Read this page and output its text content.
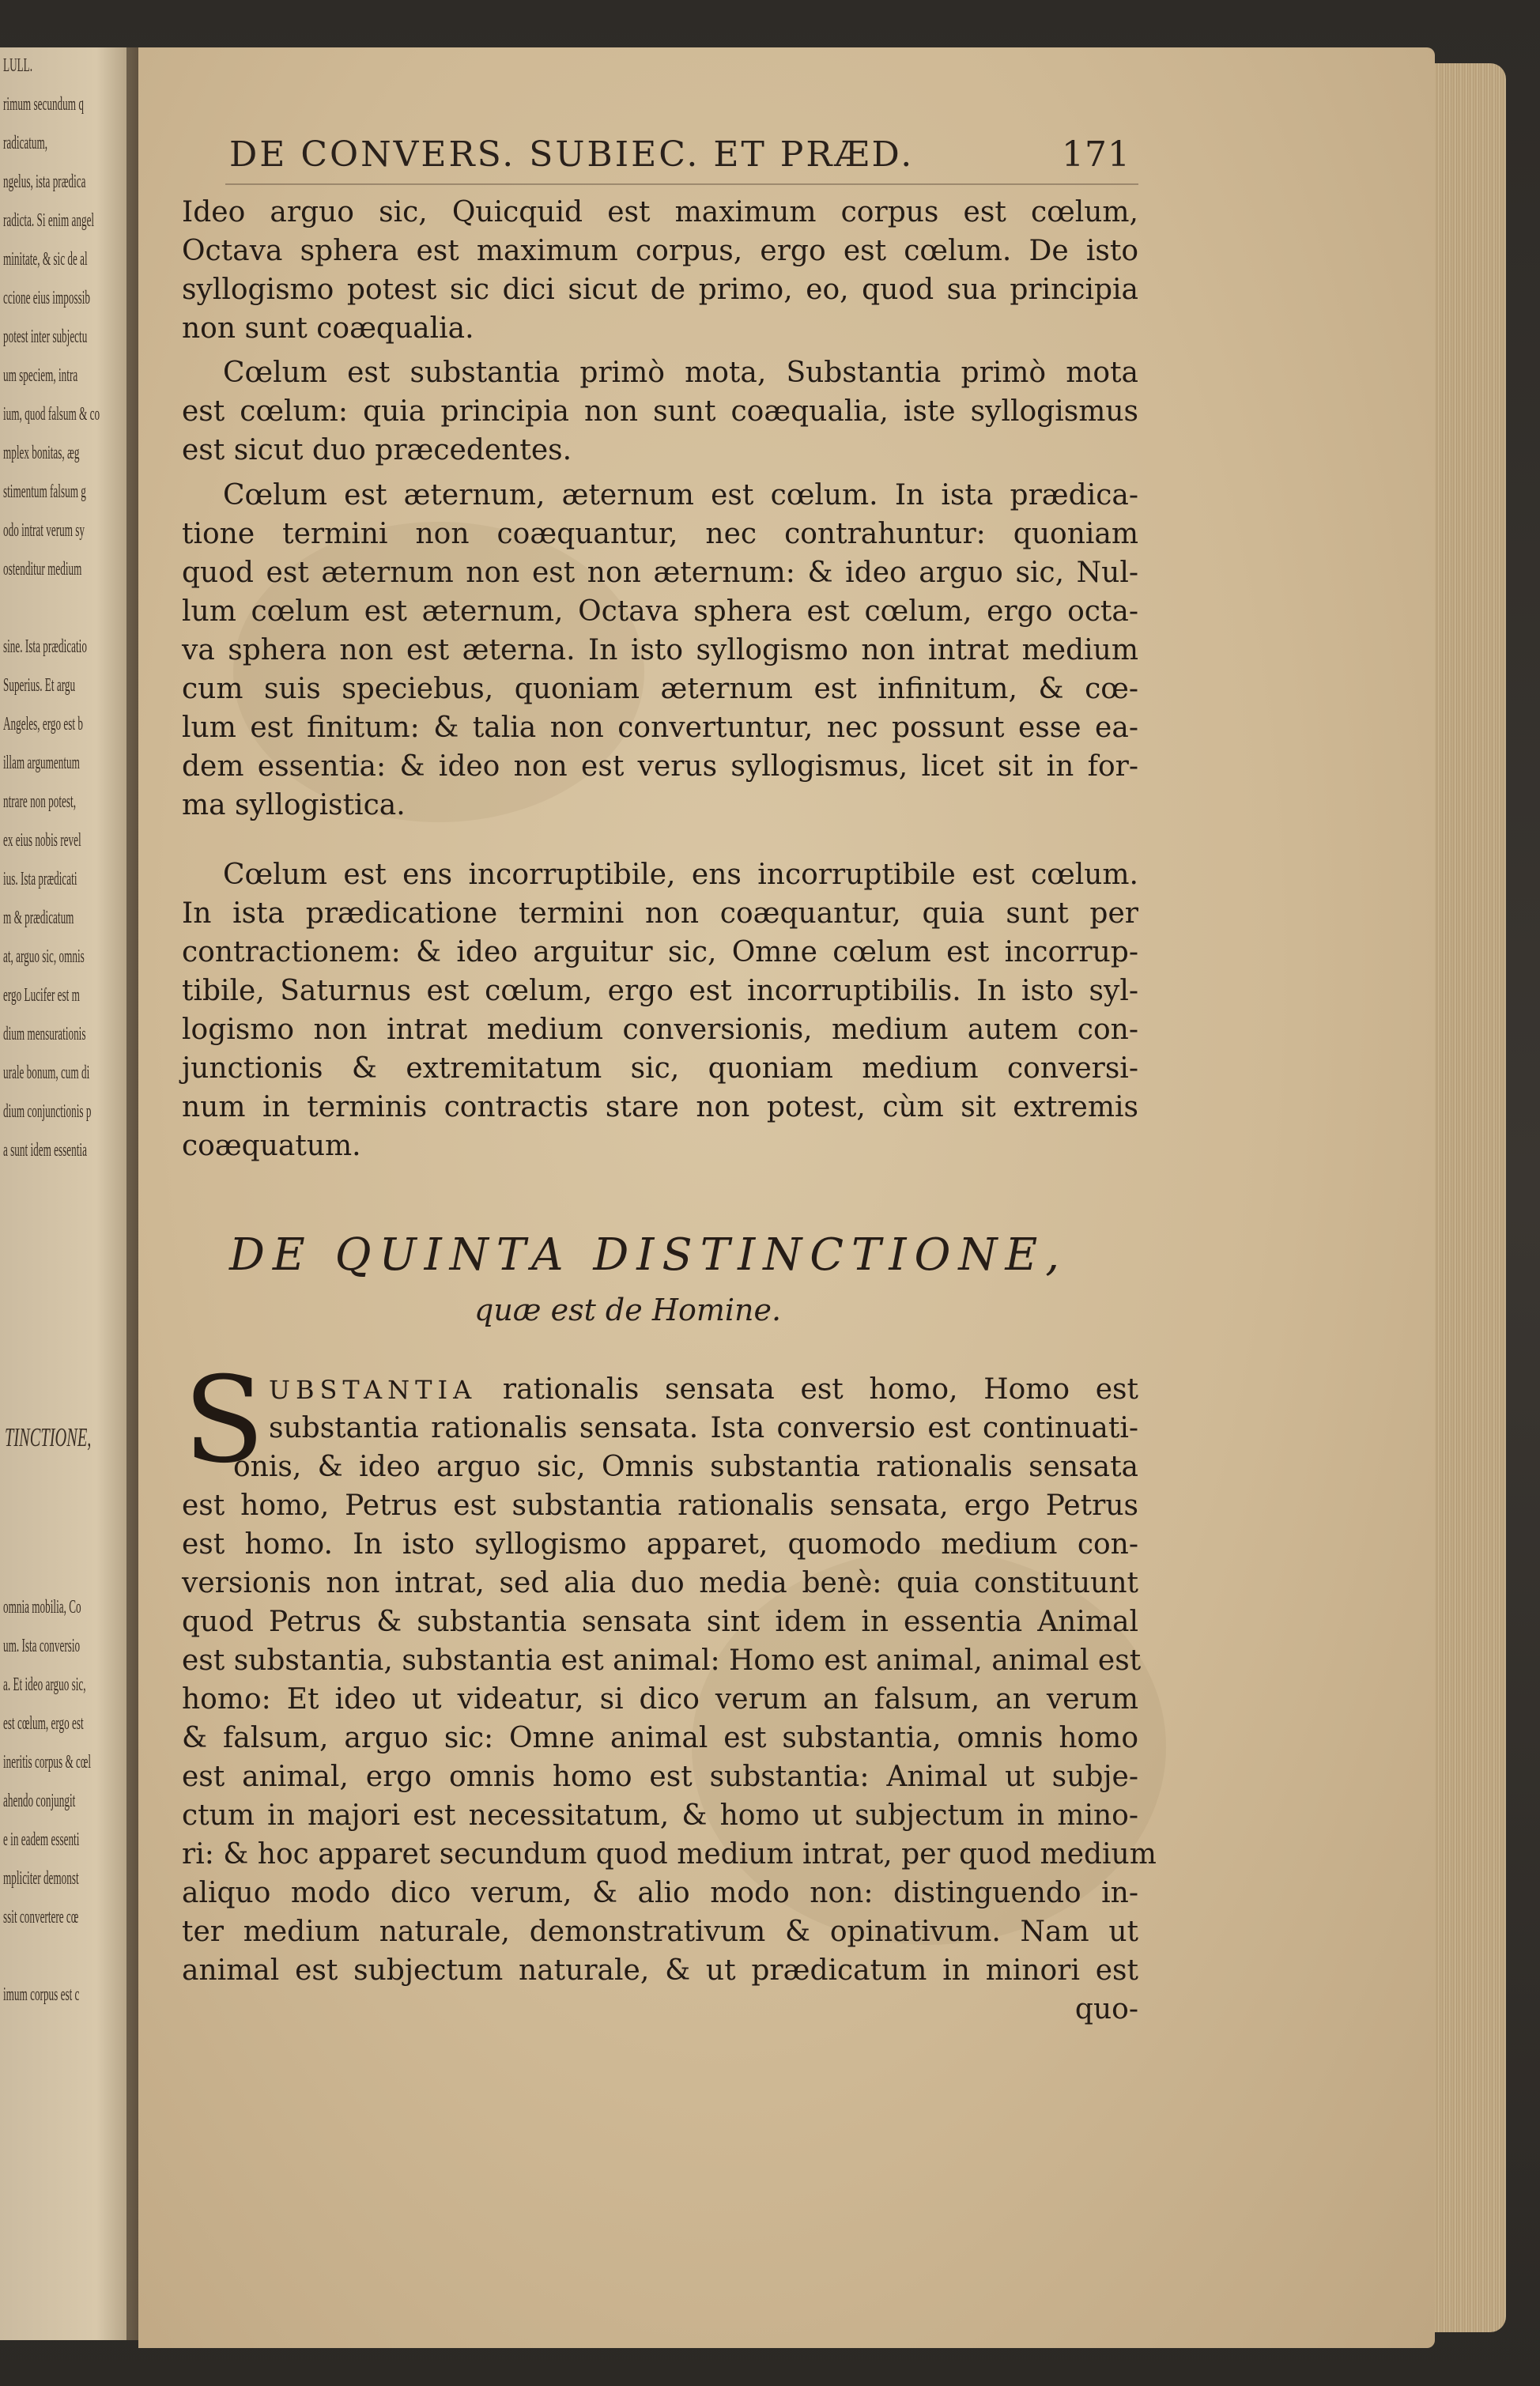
LULL.
rimum secundum q
radicatum,
ngelus, ista prædica
radicta. Si enim angel
minitate, & sic de al
ccione eius impossib
potest inter subjectu
um speciem, intra
ium, quod falsum & co
mplex bonitas, æg
stimentum falsum g
odo intrat verum sy
ostenditur medium
sine. Ista prædicatio
Superius. Et argu
Angeles, ergo est b
illam argumentum
ntrare non potest,
ex eius nobis revel
ius. Ista prædicati
m & prædicatum
at, arguo sic, omnis
ergo Lucifer est m
dium mensurationis
urale bonum, cum di
dium conjunctionis p
a sunt idem essentia
TINCTIONE,
omnia mobilia, Co
um. Ista conversio
a. Et ideo arguo sic,
est cœlum, ergo est
ineritis corpus & cœl
ahendo conjungit
e in eadem essenti
mpliciter demonst
ssit convertere cœ
imum corpus est c
DE CONVERS. SUBIEC. ET PRÆD.	171
Ideo arguo sic, Quicquid est maximum corpus est cœlum,
Octava sphera est maximum corpus, ergo est cœlum. De isto
syllogismo potest sic dici sicut de primo, eo, quod sua principia
non sunt coæqualia.
Cœlum est substantia primò mota, Substantia primò mota
est cœlum: quia principia non sunt coæqualia, iste syllogismus
est sicut duo præcedentes.
Cœlum est æternum, æternum est cœlum. In ista prædica-
tione termini non coæquantur, nec contrahuntur: quoniam
quod est æternum non est non æternum: & ideo arguo sic, Nul-
lum cœlum est æternum, Octava sphera est cœlum, ergo octa-
va sphera non est æterna. In isto syllogismo non intrat medium
cum suis speciebus, quoniam æternum est infinitum, & cœ-
lum est finitum: & talia non convertuntur, nec possunt esse ea-
dem essentia: & ideo non est verus syllogismus, licet sit in for-
ma syllogistica.
Cœlum est ens incorruptibile, ens incorruptibile est cœlum.
In ista prædicatione termini non coæquantur, quia sunt per
contractionem: & ideo arguitur sic, Omne cœlum est incorrup-
tibile, Saturnus est cœlum, ergo est incorruptibilis. In isto syl-
logismo non intrat medium conversionis, medium autem con-
junctionis & extremitatum sic, quoniam medium conversi-
num in terminis contractis stare non potest, cùm sit extremis
coæquatum.
DE QUINTA DISTINCTIONE,
quæ est de Homine.
S UBSTANTIA rationalis sensata est homo, Homo est
substantia rationalis sensata. Ista conversio est continuati-
onis, & ideo arguo sic, Omnis substantia rationalis sensata
est homo, Petrus est substantia rationalis sensata, ergo Petrus
est homo. In isto syllogismo apparet, quomodo medium con-
versionis non intrat, sed alia duo media benè: quia constituunt
quod Petrus & substantia sensata sint idem in essentia Animal
est substantia, substantia est animal: Homo est animal, animal est
homo: Et ideo ut videatur, si dico verum an falsum, an verum
& falsum, arguo sic: Omne animal est substantia, omnis homo
est animal, ergo omnis homo est substantia: Animal ut subje-
ctum in majori est necessitatum, & homo ut subjectum in mino-
ri: & hoc apparet secundum quod medium intrat, per quod medium
aliquo modo dico verum, & alio modo non: distinguendo in-
ter medium naturale, demonstrativum & opinativum. Nam ut
animal est subjectum naturale, & ut prædicatum in minori est
quo-
